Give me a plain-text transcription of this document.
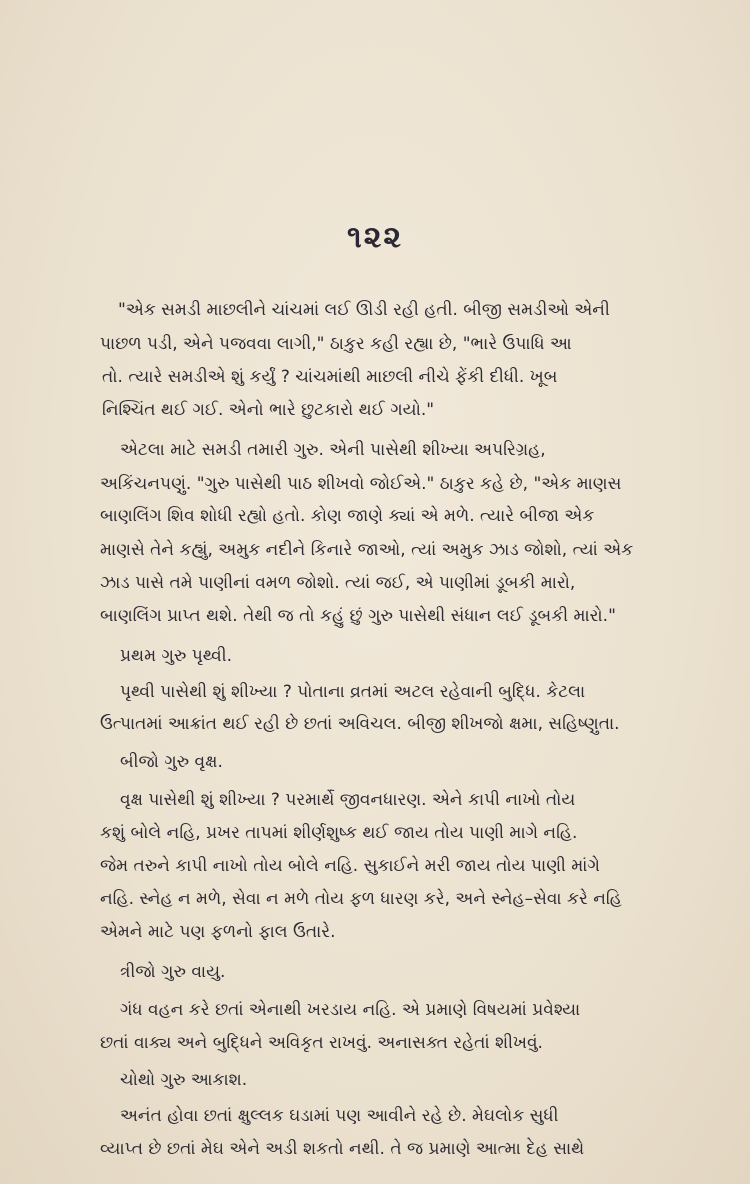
૧૨૨
"એક સમડી માછલીને ચાંચમાં લઈ ઊડી રહી હતી. બીજી સમડીઓ એની
પાછળ પડી, એને પજવવા લાગી," ઠાકુર કહી રહ્યા છે, "ભારે ઉપાધિ આ
તો. ત્યારે સમડીએ શું કર્યું ? ચાંચમાંથી માછલી નીચે ફેંકી દીધી. ખૂબ
નિશ્ચિંત થઈ ગઈ. એનો ભારે છુટકારો થઈ ગયો."
એટલા માટે સમડી તમારી ગુરુ. એની પાસેથી શીખ્યા અપરિગ્રહ,
અકિંચનપણું. "ગુરુ પાસેથી પાઠ શીખવો જોઈએ." ઠાકુર કહે છે, "એક માણસ
બાણલિંગ શિવ શોધી રહ્યો હતો. કોણ જાણે ક્યાં એ મળે. ત્યારે બીજા એક
માણસે તેને કહ્યું, અમુક નદીને કિનારે જાઓ, ત્યાં અમુક ઝાડ જોશો, ત્યાં એક
ઝાડ પાસે તમે પાણીનાં વમળ જોશો. ત્યાં જઈ, એ પાણીમાં ડૂબકી મારો,
બાણલિંગ પ્રાપ્ત થશે. તેથી જ તો કહું છું ગુરુ પાસેથી સંધાન લઈ ડૂબકી મારો."
પ્રથમ ગુરુ પૃથ્વી.
પૃથ્વી પાસેથી શું શીખ્યા ? પોતાના વ્રતમાં અટલ રહેવાની બુદ્ધિ. કેટલા
ઉત્પાતમાં આક્રાંત થઈ રહી છે છતાં અવિચલ. બીજી શીખજો ક્ષમા, સહિષ્ણુતા.
બીજો ગુરુ વૃક્ષ.
વૃક્ષ પાસેથી શું શીખ્યા ? પરમાર્થે જીવનધારણ. એને કાપી નાખો તોય
કશું બોલે નહિ, પ્રખર તાપમાં શીર્ણશુષ્ક થઈ જાય તોય પાણી માગે નહિ.
જેમ તરુને કાપી નાખો તોય બોલે નહિ. સુકાઈને મરી જાય તોય પાણી માંગે
નહિ. સ્નેહ ન મળે, સેવા ન મળે તોય ફળ ધારણ કરે, અને સ્નેહ–સેવા કરે નહિ
એમને માટે પણ ફળનો ફાલ ઉતારે.
ત્રીજો ગુરુ વાયુ.
ગંધ વહન કરે છતાં એનાથી ખરડાય નહિ. એ પ્રમાણે વિષયમાં પ્રવેશ્યા
છતાં વાક્ય અને બુદ્ધિને અવિકૃત રાખવું. અનાસક્ત રહેતાં શીખવું.
ચોથો ગુરુ આકાશ.
અનંત હોવા છતાં ક્ષુલ્લક ઘડામાં પણ આવીને રહે છે. મેઘલોક સુધી
વ્યાપ્ત છે છતાં મેઘ એને અડી શકતો નથી. તે જ પ્રમાણે આત્મા દેહ સાથે
